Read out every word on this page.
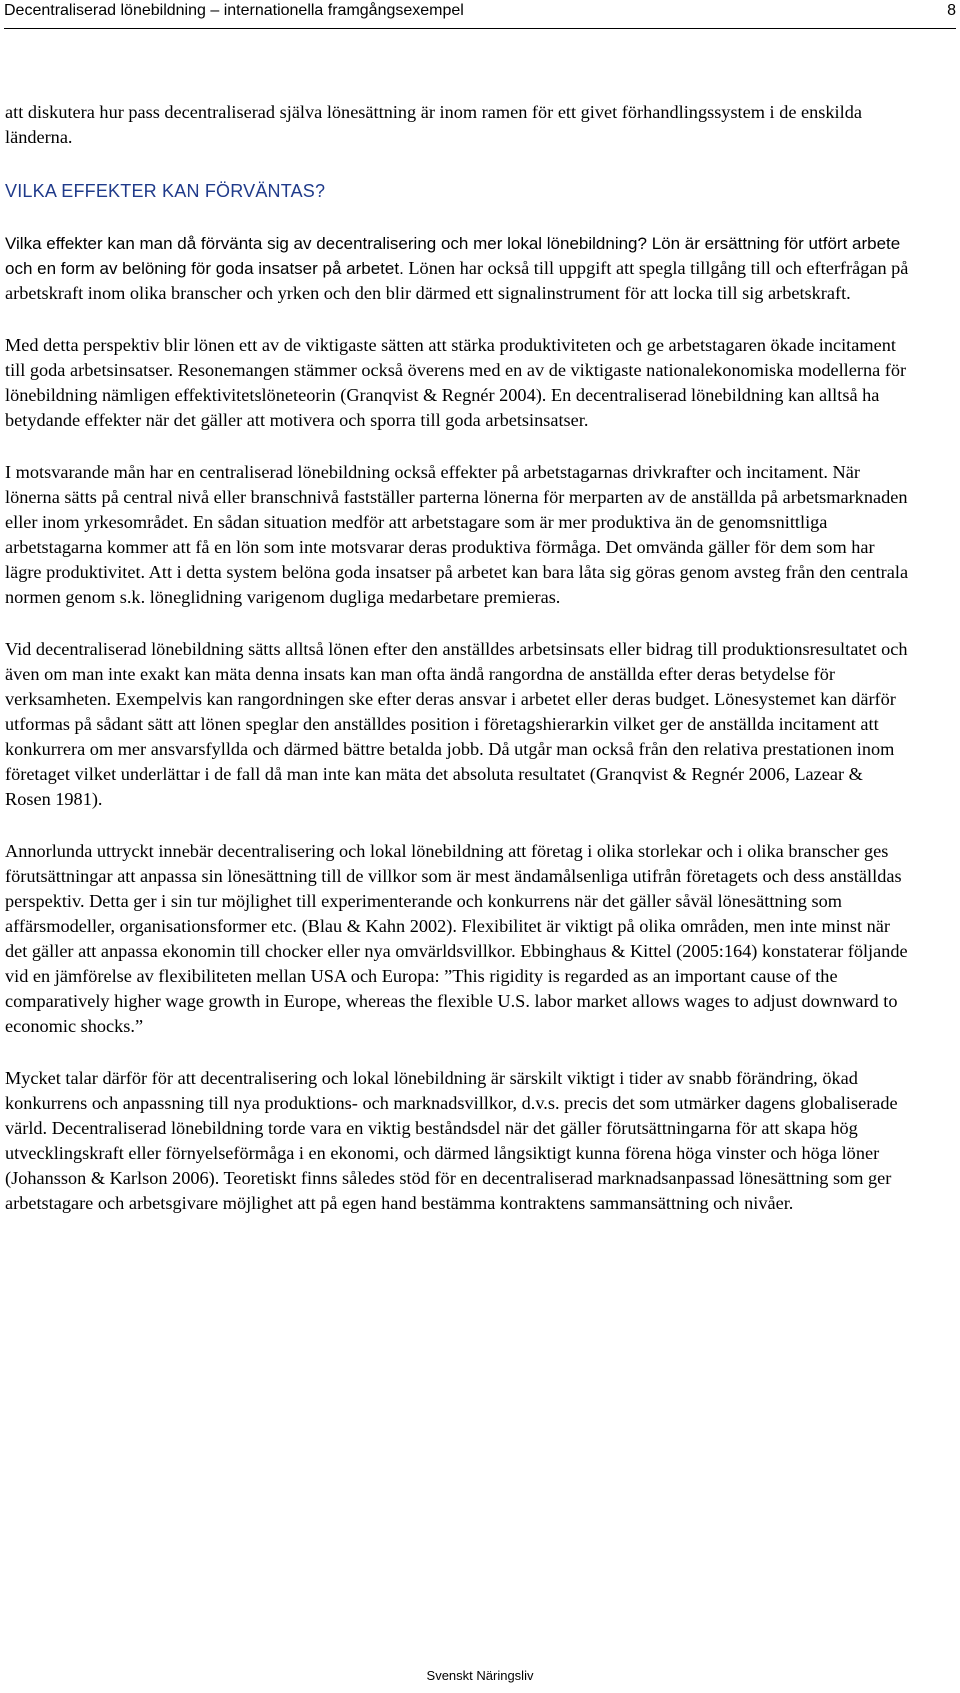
Decentraliserad lönebildning – internationella framgångsexempel	8

att diskutera hur pass decentraliserad själva lönesättning är inom ramen för ett givet förhandlingssystem i de enskilda länderna.

VILKA EFFEKTER KAN FÖRVÄNTAS?

Vilka effekter kan man då förvänta sig av decentralisering och mer lokal lönebildning? Lön är ersättning för utfört arbete och en form av belöning för goda insatser på arbetet. Lönen har också till uppgift att spegla tillgång till och efterfrågan på arbetskraft inom olika branscher och yrken och den blir därmed ett signalinstrument för att locka till sig arbetskraft.

Med detta perspektiv blir lönen ett av de viktigaste sätten att stärka produktiviteten och ge arbetstagaren ökade incitament till goda arbetsinsatser. Resonemangen stämmer också överens med en av de viktigaste nationalekonomiska modellerna för lönebildning nämligen effektivitetslöneteorin (Granqvist & Regnér 2004). En decentraliserad lönebildning kan alltså ha betydande effekter när det gäller att motivera och sporra till goda arbetsinsatser.

I motsvarande mån har en centraliserad lönebildning också effekter på arbetstagarnas drivkrafter och incitament. När lönerna sätts på central nivå eller branschnivå fastställer parterna lönerna för merparten av de anställda på arbetsmarknaden eller inom yrkesområdet. En sådan situation medför att arbetstagare som är mer produktiva än de genomsnittliga arbetstagarna kommer att få en lön som inte motsvarar deras produktiva förmåga. Det omvända gäller för dem som har lägre produktivitet. Att i detta system belöna goda insatser på arbetet kan bara låta sig göras genom avsteg från den centrala normen genom s.k. löneglidning varigenom dugliga medarbetare premieras.

Vid decentraliserad lönebildning sätts alltså lönen efter den anställdes arbetsinsats eller bidrag till produktionsresultatet och även om man inte exakt kan mäta denna insats kan man ofta ändå rangordna de anställda efter deras betydelse för verksamheten. Exempelvis kan rangordningen ske efter deras ansvar i arbetet eller deras budget. Lönesystemet kan därför utformas på sådant sätt att lönen speglar den anställdes position i företagshierarkin vilket ger de anställda incitament att konkurrera om mer ansvarsfyllda och därmed bättre betalda jobb. Då utgår man också från den relativa prestationen inom företaget vilket underlättar i de fall då man inte kan mäta det absoluta resultatet (Granqvist & Regnér 2006, Lazear & Rosen 1981).

Annorlunda uttryckt innebär decentralisering och lokal lönebildning att företag i olika storlekar och i olika branscher ges förutsättningar att anpassa sin lönesättning till de villkor som är mest ändamålsenliga utifrån företagets och dess anställdas perspektiv. Detta ger i sin tur möjlighet till experimenterande och konkurrens när det gäller såväl lönesättning som affärsmodeller, organisationsformer etc. (Blau & Kahn 2002). Flexibilitet är viktigt på olika områden, men inte minst när det gäller att anpassa ekonomin till chocker eller nya omvärldsvillkor. Ebbinghaus & Kittel (2005:164) konstaterar följande vid en jämförelse av flexibiliteten mellan USA och Europa: ”This rigidity is regarded as an important cause of the comparatively higher wage growth in Europe, whereas the flexible U.S. labor market allows wages to adjust downward to economic shocks.”

Mycket talar därför för att decentralisering och lokal lönebildning är särskilt viktigt i tider av snabb förändring, ökad konkurrens och anpassning till nya produktions- och marknadsvillkor, d.v.s. precis det som utmärker dagens globaliserade värld. Decentraliserad lönebildning torde vara en viktig beståndsdel när det gäller förutsättningarna för att skapa hög utvecklingskraft eller förnyelseförmåga i en ekonomi, och därmed långsiktigt kunna förena höga vinster och höga löner (Johansson & Karlson 2006). Teoretiskt finns således stöd för en decentraliserad marknadsanpassad lönesättning som ger arbetstagare och arbetsgivare möjlighet att på egen hand bestämma kontraktens sammansättning och nivåer.

Svenskt Näringsliv
